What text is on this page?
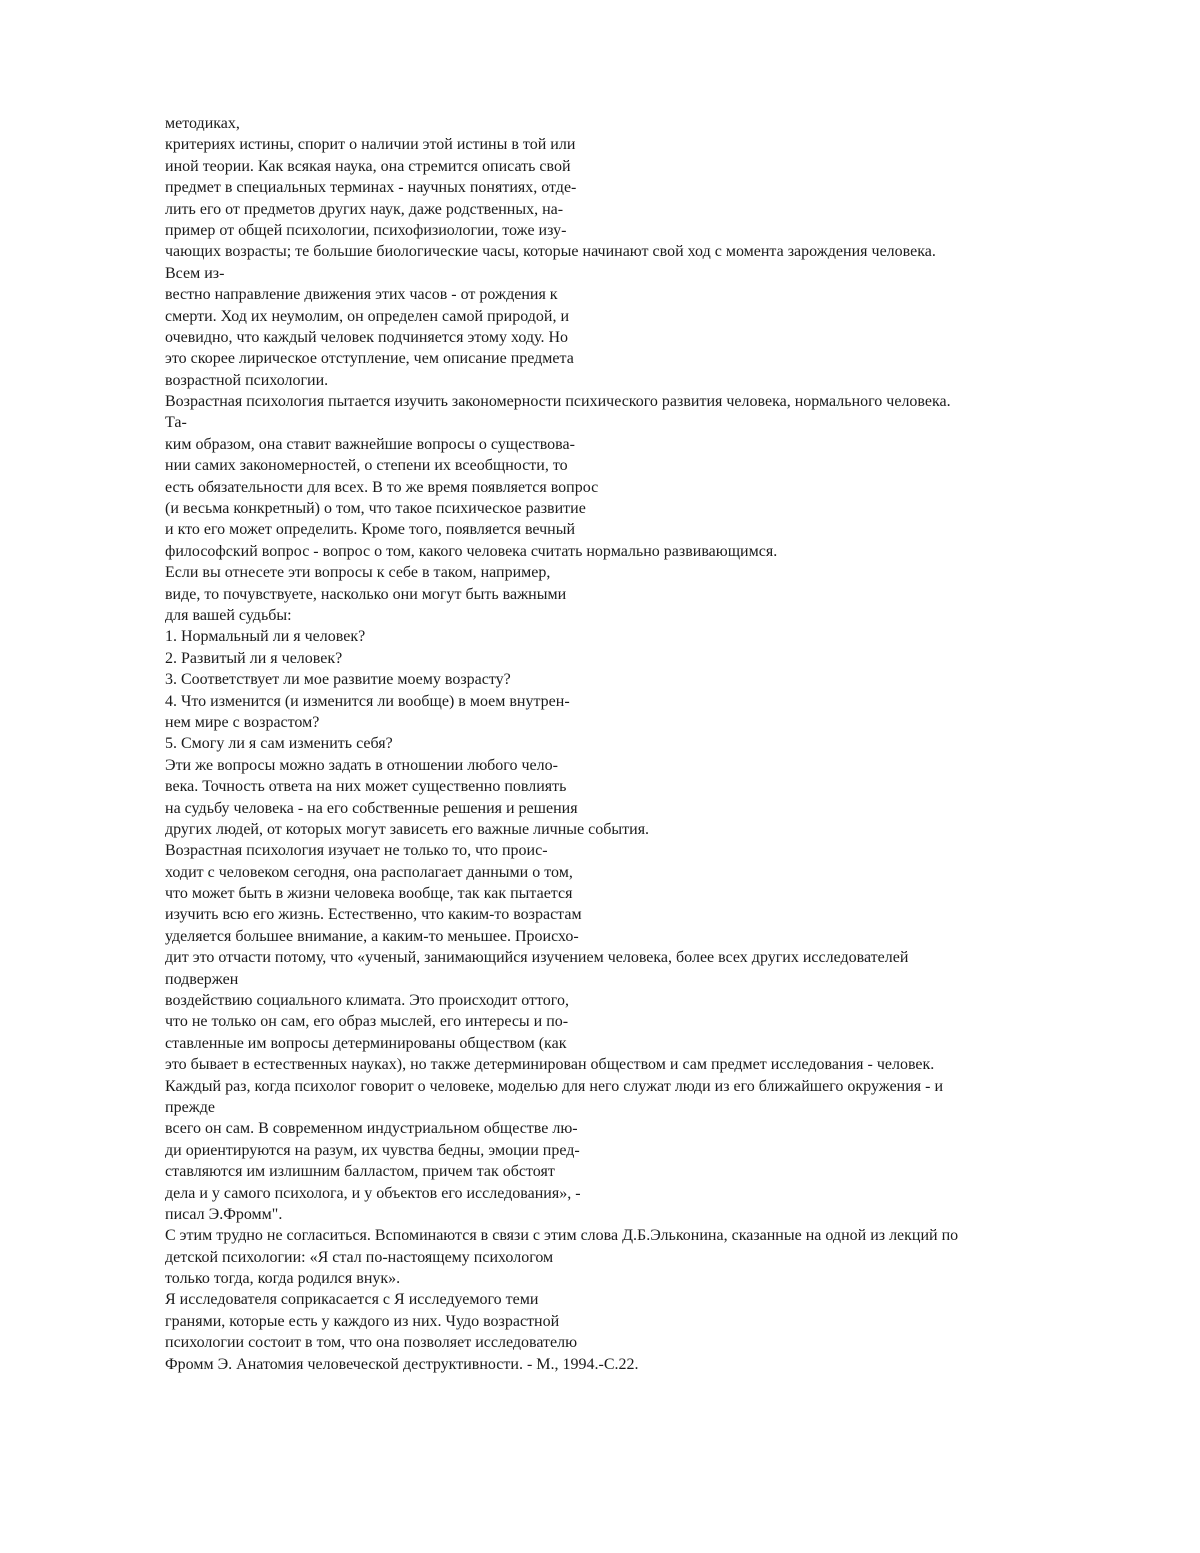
методиках,
критериях истины, спорит о наличии этой истины в той или
иной теории. Как всякая наука, она стремится описать свой
предмет в специальных терминах - научных понятиях, отде-
лить его от предметов других наук, даже родственных, на-
пример от общей психологии, психофизиологии, тоже изу-
чающих возрасты; те большие биологические часы, которые начинают свой ход с момента зарождения человека.
Всем из-
вестно направление движения этих часов - от рождения к
смерти. Ход их неумолим, он определен самой природой, и
очевидно, что каждый человек подчиняется этому ходу. Но
это скорее лирическое отступление, чем описание предмета
возрастной психологии.
Возрастная психология пытается изучить закономерности психического развития человека, нормального человека.
Та-
ким образом, она ставит важнейшие вопросы о существова-
нии самих закономерностей, о степени их всеобщности, то
есть обязательности для всех. В то же время появляется вопрос
(и весьма конкретный) о том, что такое психическое развитие
и кто его может определить. Кроме того, появляется вечный
философский вопрос - вопрос о том, какого человека считать нормально развивающимся.
Если вы отнесете эти вопросы к себе в таком, например,
виде, то почувствуете, насколько они могут быть важными
для вашей судьбы:
1. Нормальный ли я человек?
2. Развитый ли я человек?
3. Соответствует ли мое развитие моему возрасту?
4. Что изменится (и изменится ли вообще) в моем внутрен-
нем мире с возрастом?
5. Смогу ли я сам изменить себя?
Эти же вопросы можно задать в отношении любого чело-
века. Точность ответа на них может существенно повлиять
на судьбу человека - на его собственные решения и решения
других людей, от которых могут зависеть его важные личные события.
Возрастная психология изучает не только то, что проис-
ходит с человеком сегодня, она располагает данными о том,
что может быть в жизни человека вообще, так как пытается
изучить всю его жизнь. Естественно, что каким-то возрастам
уделяется большее внимание, а каким-то меньшее. Происхо-
дит это отчасти потому, что «ученый, занимающийся изучением человека, более всех других исследователей
подвержен
воздействию социального климата. Это происходит оттого,
что не только он сам, его образ мыслей, его интересы и по-
ставленные им вопросы детерминированы обществом (как
это бывает в естественных науках), но также детерминирован обществом и сам предмет исследования - человек.
Каждый раз, когда психолог говорит о человеке, моделью для него служат люди из его ближайшего окружения - и
прежде
всего он сам. В современном индустриальном обществе лю-
ди ориентируются на разум, их чувства бедны, эмоции пред-
ставляются им излишним балластом, причем так обстоят
дела и у самого психолога, и у объектов его исследования», -
писал Э.Фромм".
С этим трудно не согласиться. Вспоминаются в связи с этим слова Д.Б.Эльконина, сказанные на одной из лекций по
детской психологии: «Я стал по-настоящему психологом
только тогда, когда родился внук».
Я исследователя соприкасается с Я исследуемого теми
гранями, которые есть у каждого из них. Чудо возрастной
психологии состоит в том, что она позволяет исследователю
Фромм Э. Анатомия человеческой деструктивности. - М., 1994.-С.22.
